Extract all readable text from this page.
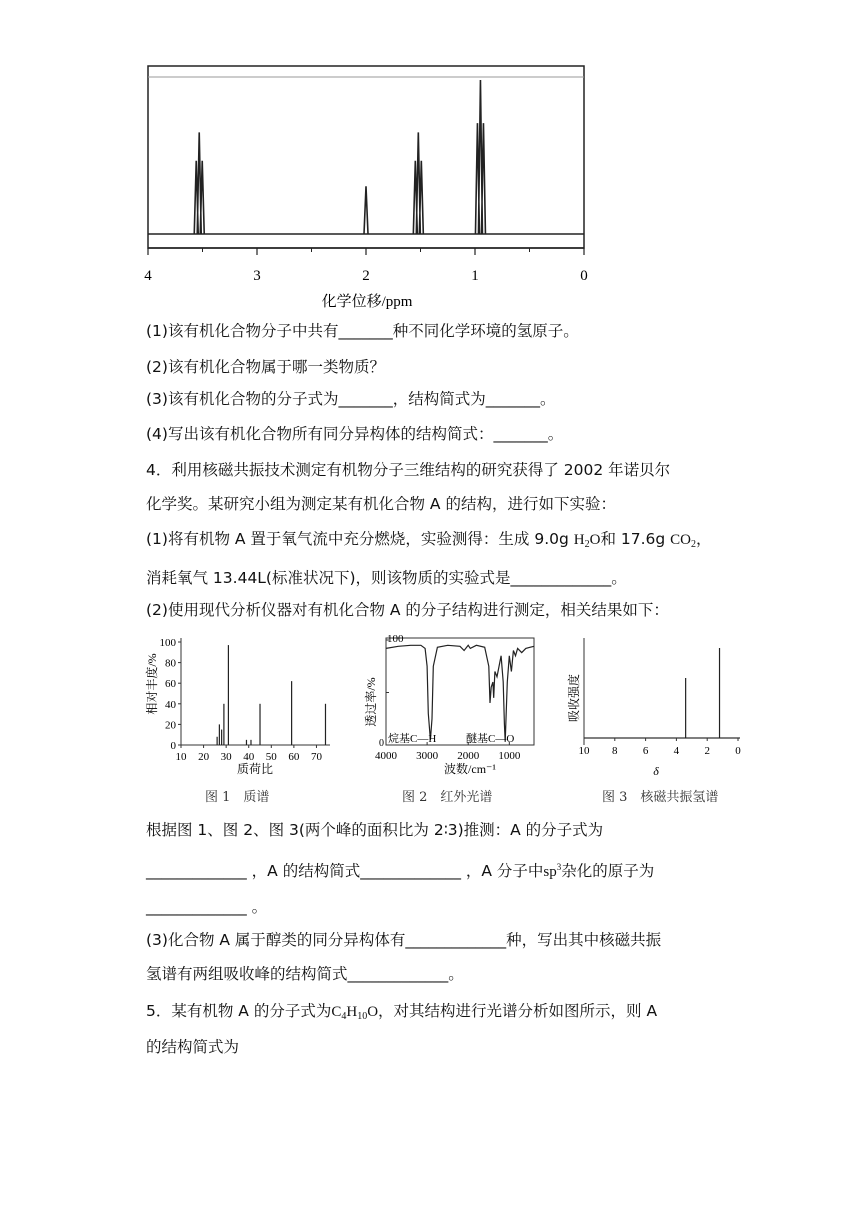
4	3	2	1	0
化学位移/ppm
(1)该有机化合物分子中共有_______种不同化学环境的氢原子。
(2)该有机化合物属于哪一类物质？
(3)该有机化合物的分子式为_______，结构简式为_______。
(4)写出该有机化合物所有同分异构体的结构简式：_______。
4．利用核磁共振技术测定有机物分子三维结构的研究获得了 2002 年诺贝尔
化学奖。某研究小组为测定某有机化合物 A 的结构，进行如下实验：
(1)将有机物 A 置于氧气流中充分燃烧，实验测得：生成 9.0g $H_2O$和 17.6g $CO_2$，
消耗氧气 13.44L(标准状况下)，则该物质的实验式是_____________。
(2)使用现代分析仪器对有机化合物 A 的分子结构进行测定，相关结果如下：
相对丰度/%
0
20
40
60
80
100
10 20 30 40 50 60 70
质荷比
图 1　质谱
透过率/%
100
0
4000 3000 2000 1000
烷基C—H	醚基C—O
波数/cm⁻¹
图 2　红外光谱
吸收强度
10 8 6 4 2 0
δ
图 3　核磁共振氢谱
根据图 1、图 2、图 3(两个峰的面积比为 2∶3)推测：A 的分子式为
_____________ ，A 的结构简式_____________ ，A 分子中$sp^3$杂化的原子为
_____________ 。
(3)化合物 A 属于醇类的同分异构体有_____________种，写出其中核磁共振
氢谱有两组吸收峰的结构简式_____________。
5．某有机物 A 的分子式为$C_4H_{10}O$，对其结构进行光谱分析如图所示，则 A
的结构简式为
